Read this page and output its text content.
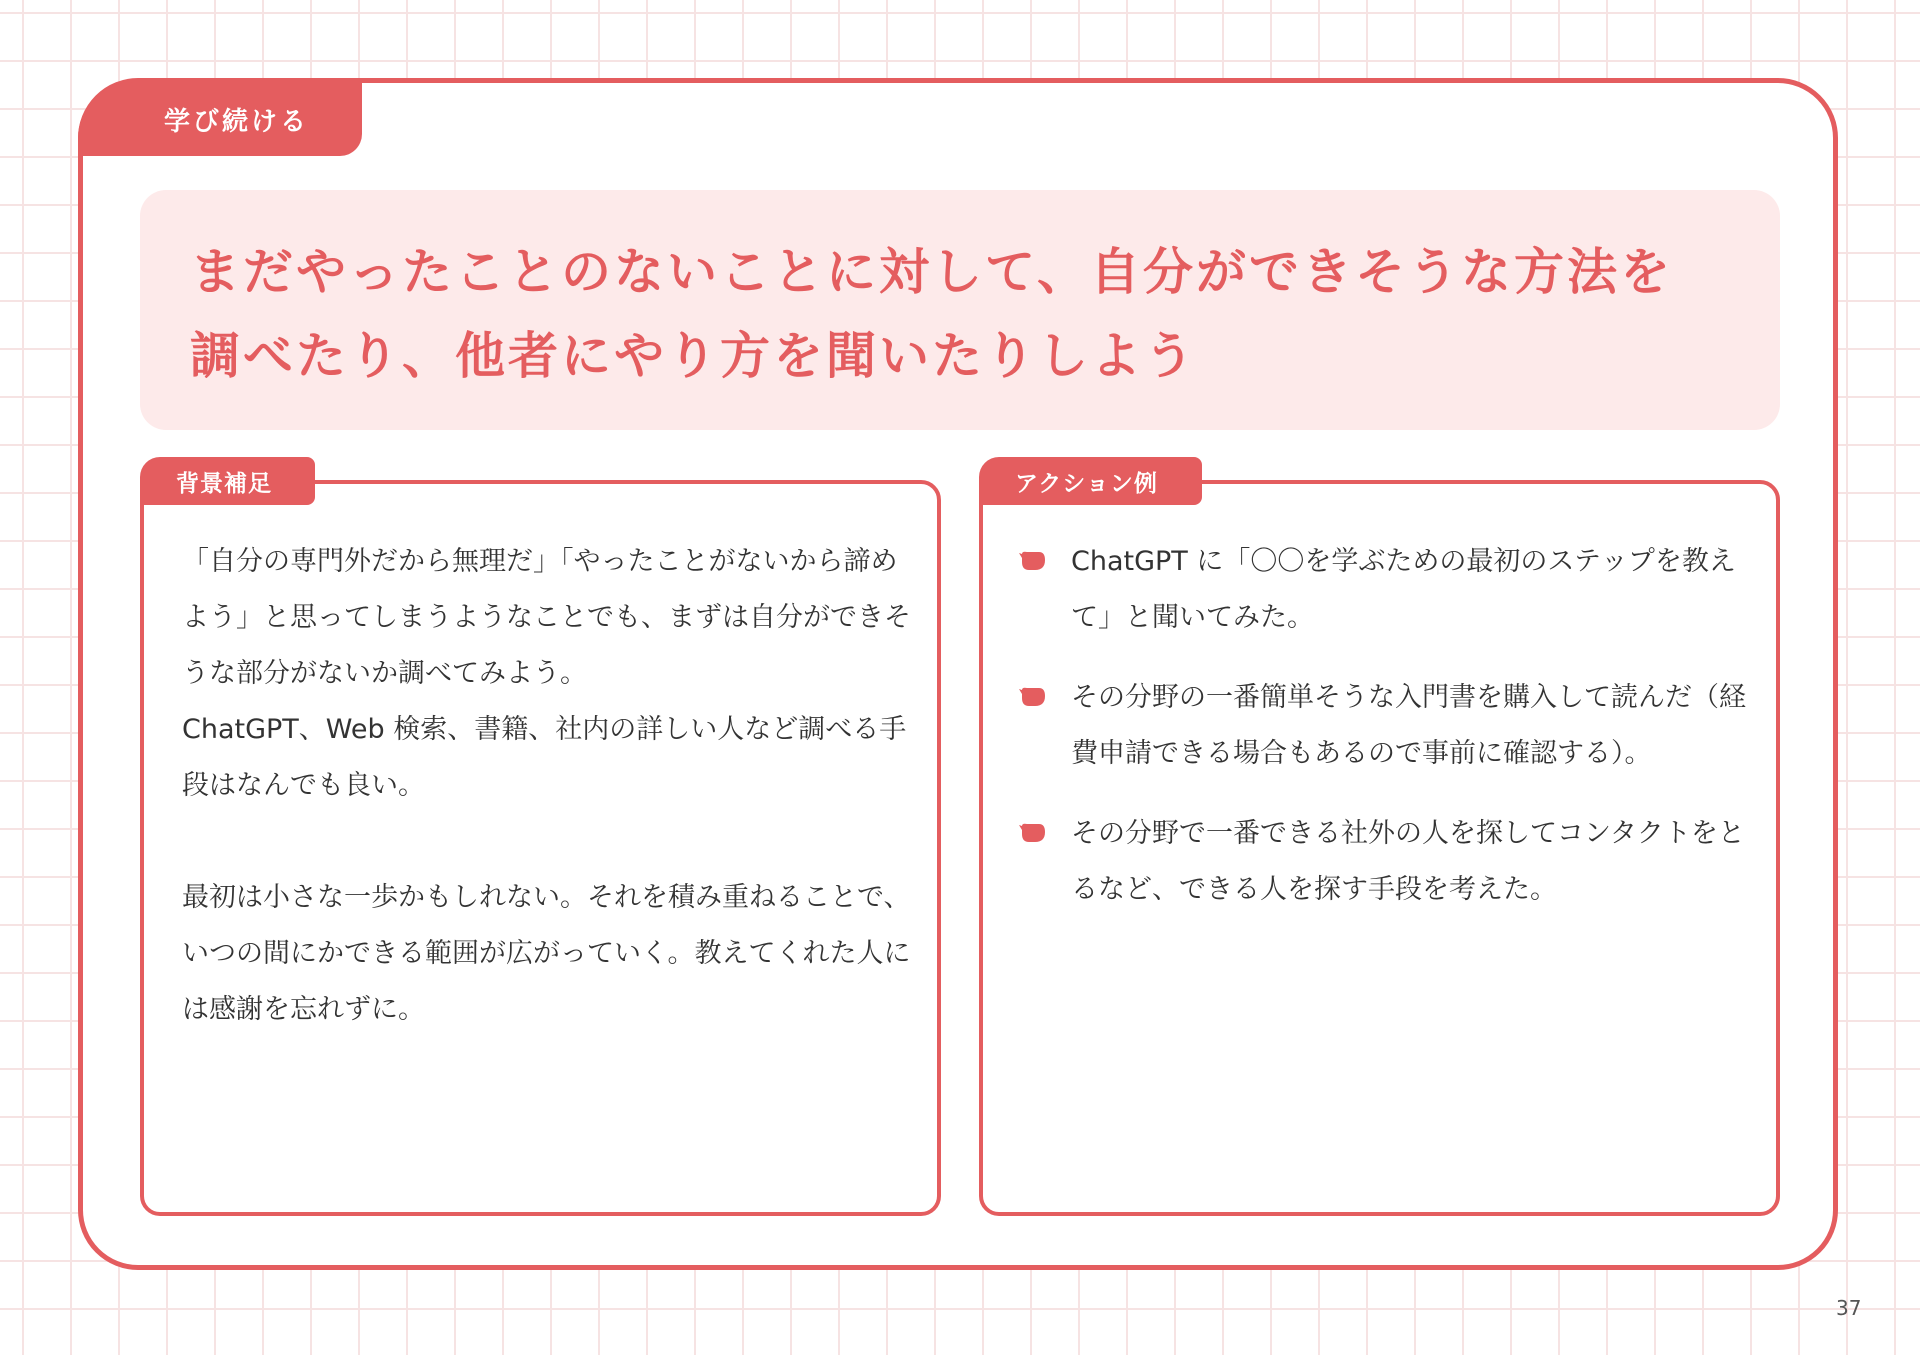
学び続ける
まだやったことのないことに対して、自分ができそうな方法を
調べたり、他者にやり方を聞いたりしよう

「自分の専門外だから無理だ」「やったことがないから諦めよう」と思ってしまうようなことでも、まずは自分ができそうな部分がないか調べてみよう。

ChatGPT、Web 検索、書籍、社内の詳しい人など調べる手段はなんでも良い。

最初は小さな一歩かもしれない。それを積み重ねることで、いつの間にかできる範囲が広がっていく。教えてくれた人には感謝を忘れずに。

背景補足
ChatGPT に「〇〇を学ぶための最初のステップを教えて」と聞いてみた。
その分野の一番簡単そうな入門書を購入して読んだ（経費申請できる場合もあるので事前に確認する）。
その分野で一番できる社外の人を探してコンタクトをとるなど、できる人を探す手段を考えた。
アクション例
37
